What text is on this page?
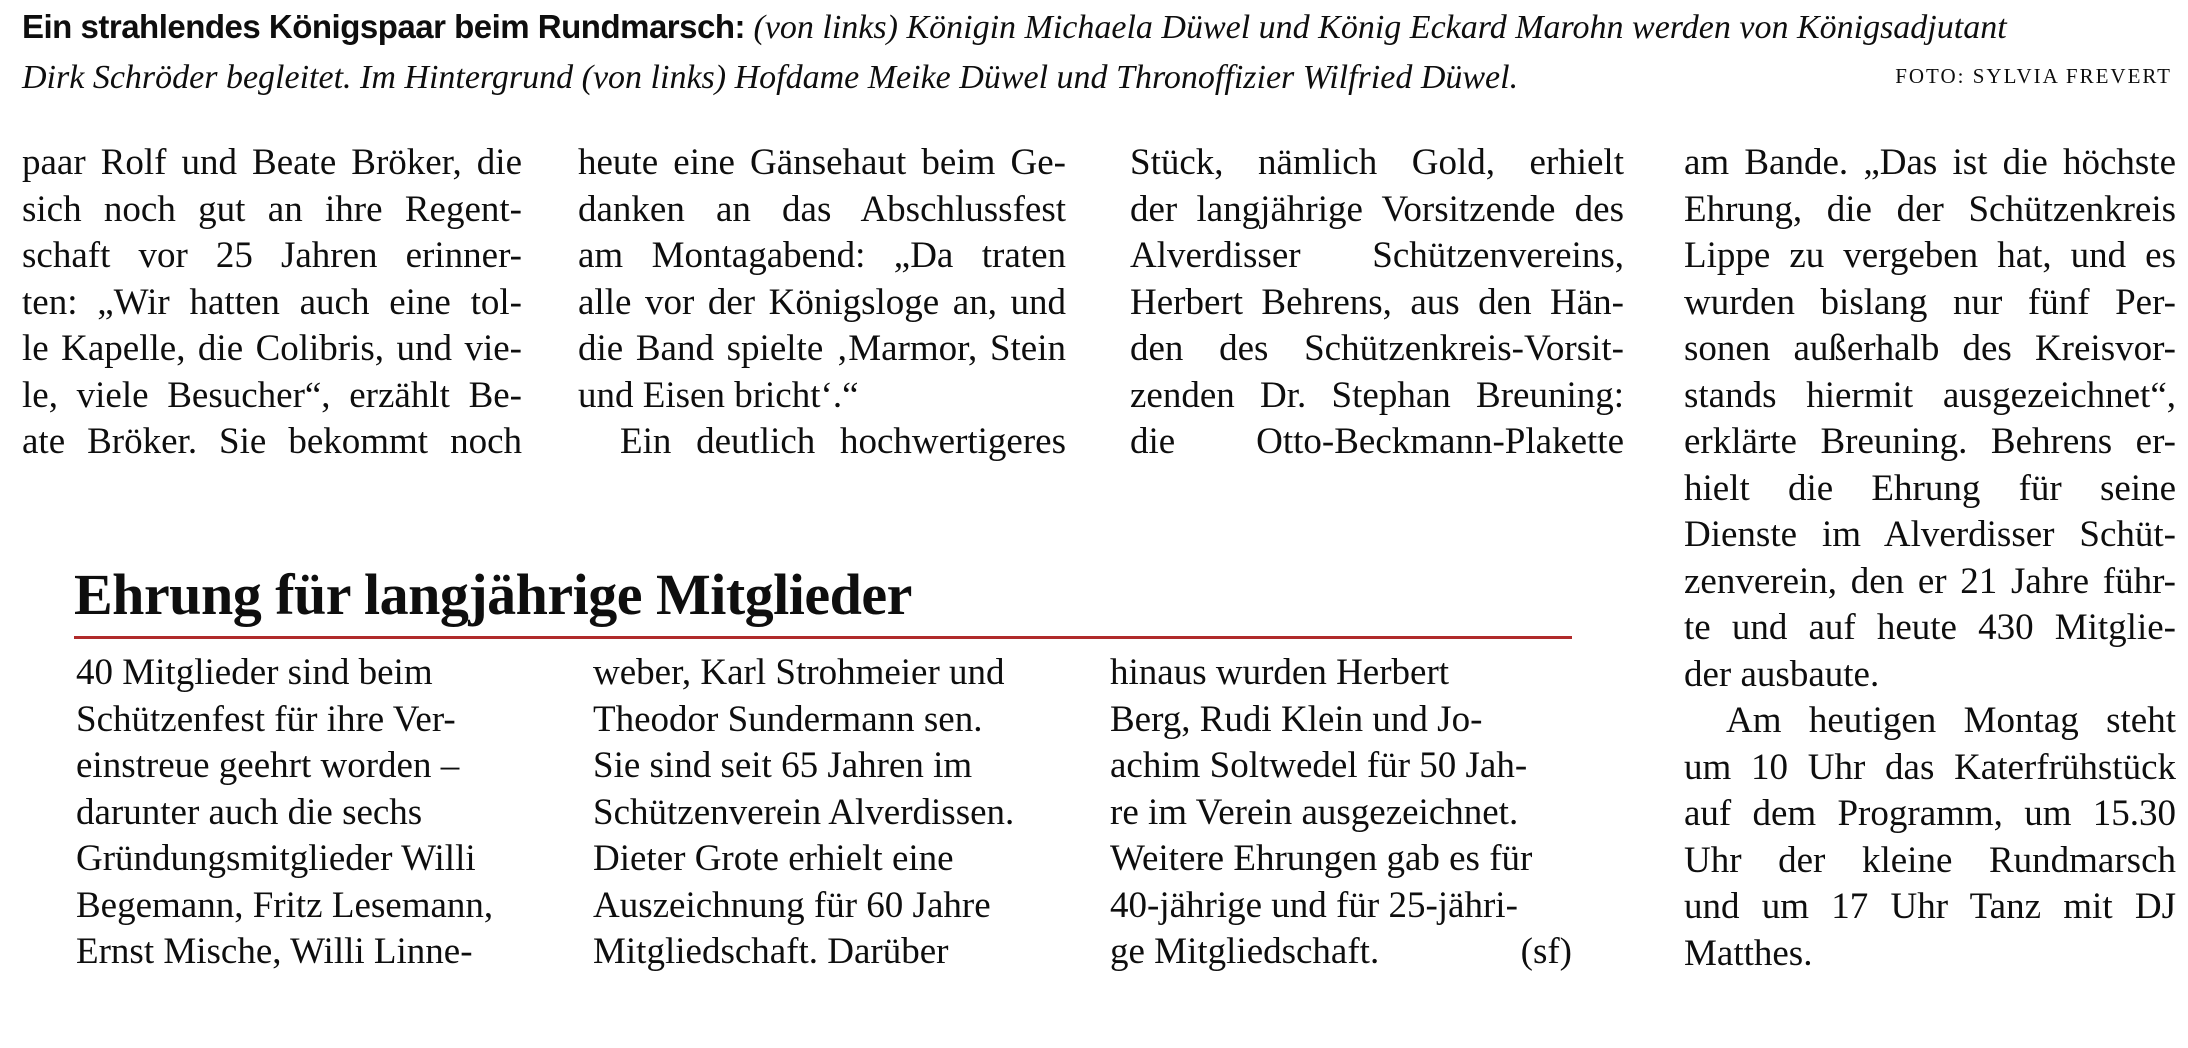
Ein strahlendes Königspaar beim Rundmarsch: (von links) Königin Michaela Düwel und König Eckard Marohn werden von Königsadjutant
Dirk Schröder begleitet. Im Hintergrund (von links) Hofdame Meike Düwel und Thronoffizier Wilfried Düwel.	FOTO: SYLVIA FREVERT
paar Rolf und Beate Bröker, die
sich noch gut an ihre Regent-
schaft vor 25 Jahren erinner-
ten: „Wir hatten auch eine tol-
le Kapelle, die Colibris, und vie-
le, viele Besucher“, erzählt Be-
ate Bröker. Sie bekommt noch
heute eine Gänsehaut beim Ge-
danken an das Abschlussfest
am Montagabend: „Da traten
alle vor der Königsloge an, und
die Band spielte ‚Marmor, Stein
und Eisen bricht‘.“
Ein deutlich hochwertigeres
Stück, nämlich Gold, erhielt
der langjährige Vorsitzende des
Alverdisser Schützenvereins,
Herbert Behrens, aus den Hän-
den des Schützenkreis-Vorsit-
zenden Dr. Stephan Breuning:
die Otto-Beckmann-Plakette
am Bande. „Das ist die höchste
Ehrung, die der Schützenkreis
Lippe zu vergeben hat, und es
wurden bislang nur fünf Per-
sonen außerhalb des Kreisvor-
stands hiermit ausgezeichnet“,
erklärte Breuning. Behrens er-
hielt die Ehrung für seine
Dienste im Alverdisser Schüt-
zenverein, den er 21 Jahre führ-
te und auf heute 430 Mitglie-
der ausbaute.
Am heutigen Montag steht
um 10 Uhr das Katerfrühstück
auf dem Programm, um 15.30
Uhr der kleine Rundmarsch
und um 17 Uhr Tanz mit DJ
Matthes.
Ehrung für langjährige Mitglieder
40 Mitglieder sind beim
Schützenfest für ihre Ver-
einstreue geehrt worden –
darunter auch die sechs
Gründungsmitglieder Willi
Begemann, Fritz Lesemann,
Ernst Mische, Willi Linne-
weber, Karl Strohmeier und
Theodor Sundermann sen.
Sie sind seit 65 Jahren im
Schützenverein Alverdissen.
Dieter Grote erhielt eine
Auszeichnung für 60 Jahre
Mitgliedschaft. Darüber
hinaus wurden Herbert
Berg, Rudi Klein und Jo-
achim Soltwedel für 50 Jah-
re im Verein ausgezeichnet.
Weitere Ehrungen gab es für
40-jährige und für 25-jähri-
ge Mitgliedschaft.	(sf)
